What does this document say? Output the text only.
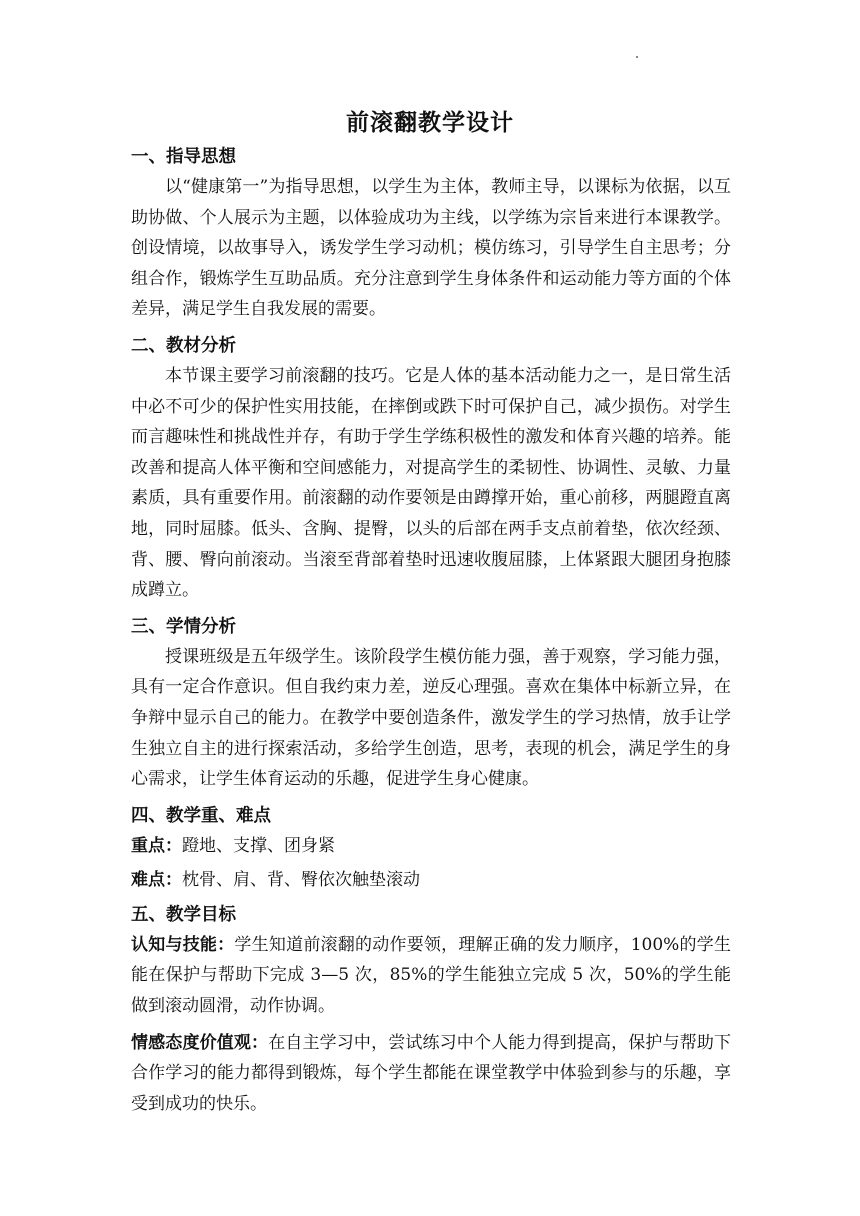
前滚翻教学设计
一、指导思想

以“健康第一”为指导思想，以学生为主体，教师主导，以课标为依据，以互助协做、个人展示为主题，以体验成功为主线，以学练为宗旨来进行本课教学。创设情境，以故事导入，诱发学生学习动机；模仿练习，引导学生自主思考；分组合作，锻炼学生互助品质。充分注意到学生身体条件和运动能力等方面的个体差异，满足学生自我发展的需要。

二、教材分析

本节课主要学习前滚翻的技巧。它是人体的基本活动能力之一，是日常生活中必不可少的保护性实用技能，在摔倒或跌下时可保护自己，减少损伤。对学生而言趣味性和挑战性并存，有助于学生学练积极性的激发和体育兴趣的培养。能改善和提高人体平衡和空间感能力，对提高学生的柔韧性、协调性、灵敏、力量素质，具有重要作用。前滚翻的动作要领是由蹲撑开始，重心前移，两腿蹬直离地，同时屈膝。低头、含胸、提臀，以头的后部在两手支点前着垫，依次经颈、背、腰、臀向前滚动。当滚至背部着垫时迅速收腹屈膝，上体紧跟大腿团身抱膝成蹲立。

三、学情分析

授课班级是五年级学生。该阶段学生模仿能力强，善于观察，学习能力强，具有一定合作意识。但自我约束力差，逆反心理强。喜欢在集体中标新立异，在争辩中显示自己的能力。在教学中要创造条件，激发学生的学习热情，放手让学生独立自主的进行探索活动，多给学生创造，思考，表现的机会，满足学生的身心需求，让学生体育运动的乐趣，促进学生身心健康。

四、教学重、难点

重点：蹬地、支撑、团身紧

难点：枕骨、肩、背、臀依次触垫滚动

五、教学目标

认知与技能：学生知道前滚翻的动作要领，理解正确的发力顺序，100%的学生能在保护与帮助下完成 3—5 次，85%的学生能独立完成 5 次，50%的学生能做到滚动圆滑，动作协调。

情感态度价值观：在自主学习中，尝试练习中个人能力得到提高，保护与帮助下合作学习的能力都得到锻炼，每个学生都能在课堂教学中体验到参与的乐趣，享受到成功的快乐。
